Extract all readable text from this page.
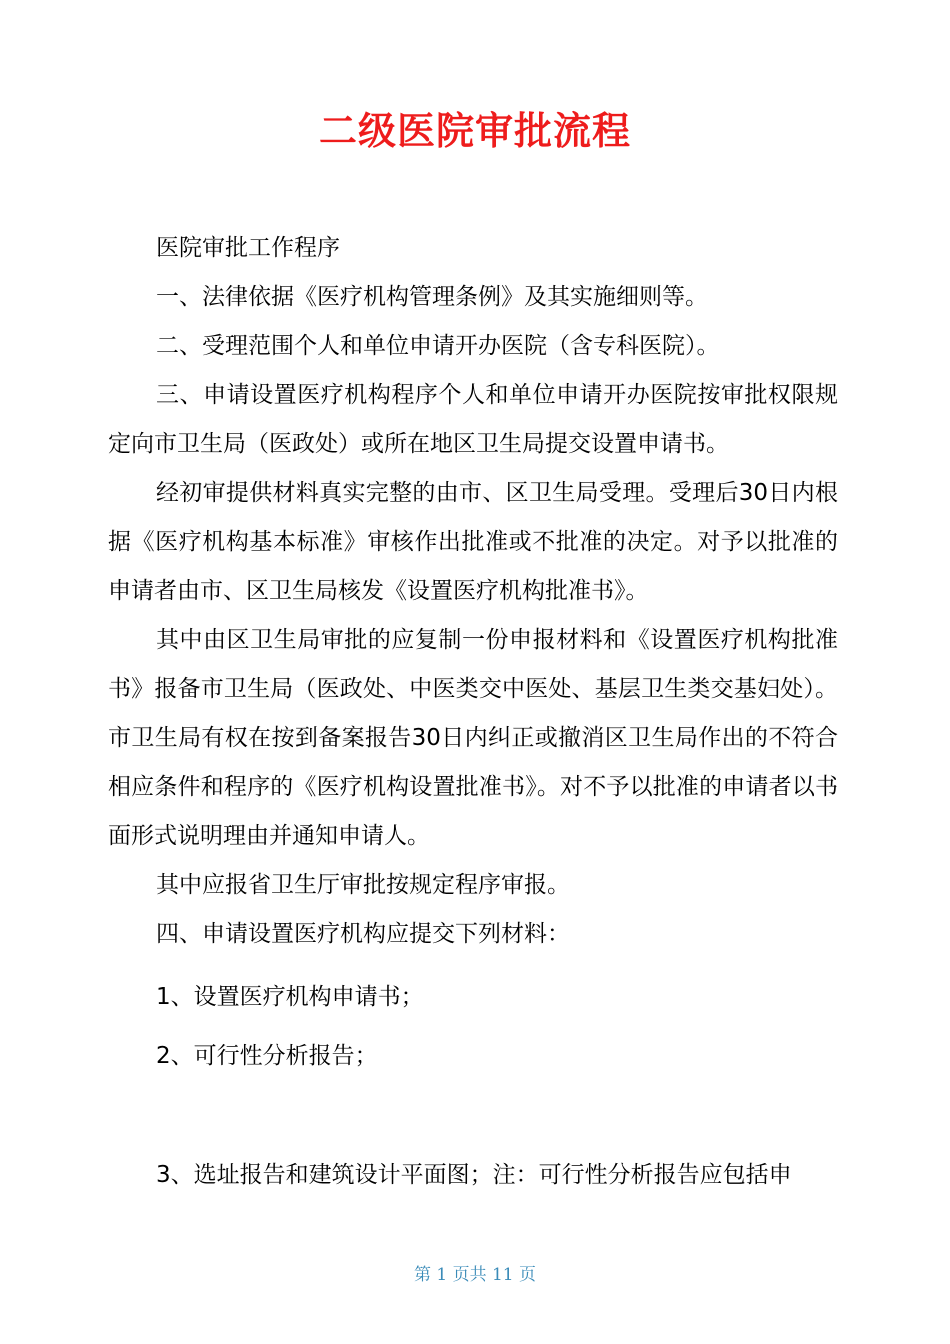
二级医院审批流程

医院审批工作程序

一、法律依据《医疗机构管理条例》及其实施细则等。

二、受理范围个人和单位申请开办医院（含专科医院）。

三、申请设置医疗机构程序个人和单位申请开办医院按审批权限规定向市卫生局（医政处）或所在地区卫生局提交设置申请书。

经初审提供材料真实完整的由市、区卫生局受理。受理后30日内根据《医疗机构基本标准》审核作出批准或不批准的决定。对予以批准的申请者由市、区卫生局核发《设置医疗机构批准书》。

其中由区卫生局审批的应复制一份申报材料和《设置医疗机构批准书》报备市卫生局（医政处、中医类交中医处、基层卫生类交基妇处）。市卫生局有权在按到备案报告30日内纠正或撤消区卫生局作出的不符合相应条件和程序的《医疗机构设置批准书》。对不予以批准的申请者以书面形式说明理由并通知申请人。

其中应报省卫生厅审批按规定程序审报。

四、申请设置医疗机构应提交下列材料：

1、设置医疗机构申请书；
2、可行性分析报告；
3、选址报告和建筑设计平面图；注：可行性分析报告应包括申
第 1 页共 11 页
